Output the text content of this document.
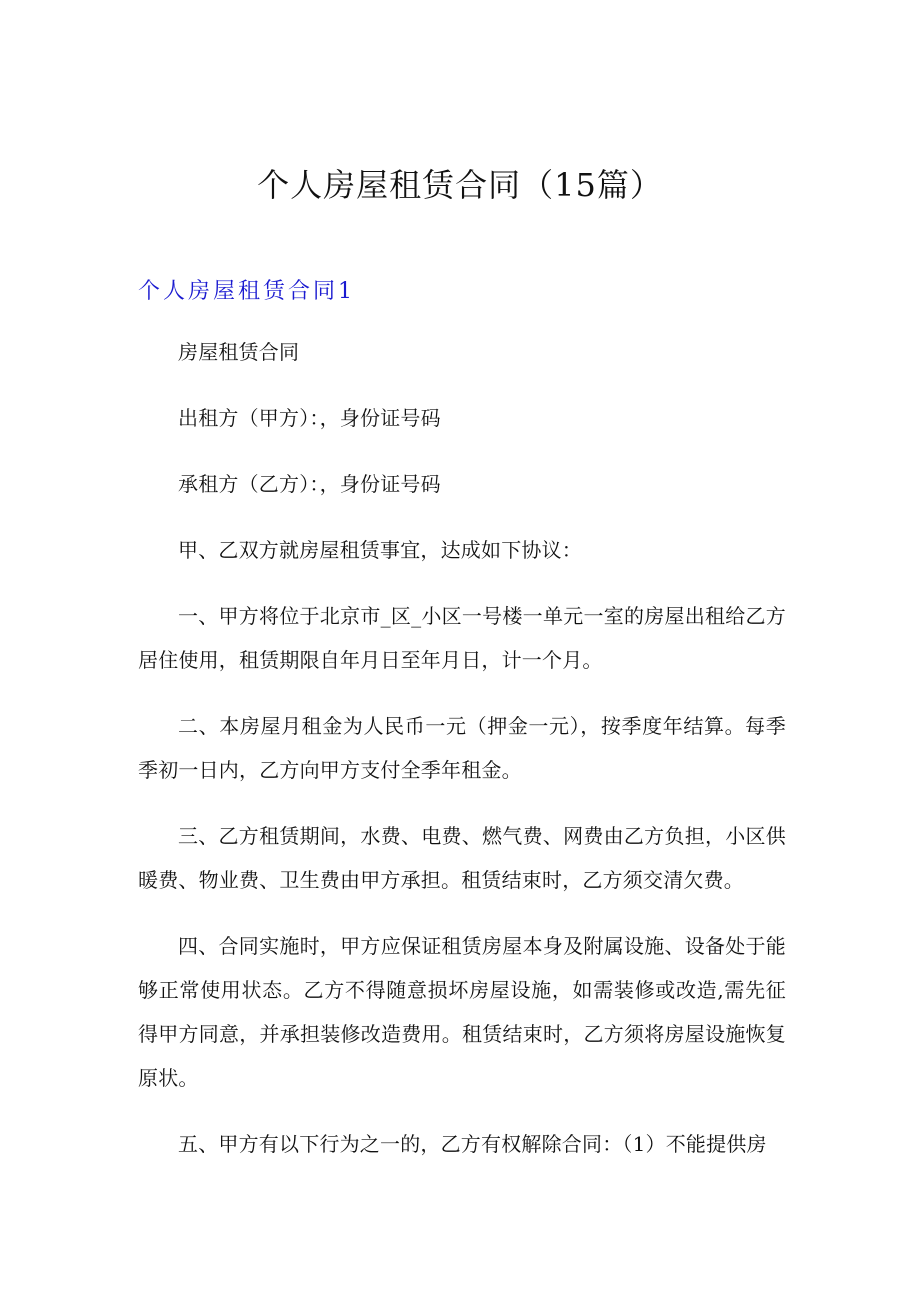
个人房屋租赁合同（15篇）
个人房屋租赁合同1

房屋租赁合同

出租方（甲方）：，身份证号码

承租方（乙方）：，身份证号码

甲、乙双方就房屋租赁事宜，达成如下协议：

一、甲方将位于北京市_区_小区一号楼一单元一室的房屋出租给乙方居住使用，租赁期限自年月日至年月日，计一个月。

二、本房屋月租金为人民币一元（押金一元），按季度年结算。每季季初一日内，乙方向甲方支付全季年租金。

三、乙方租赁期间，水费、电费、燃气费、网费由乙方负担，小区供暖费、物业费、卫生费由甲方承担。租赁结束时，乙方须交清欠费。

四、合同实施时，甲方应保证租赁房屋本身及附属设施、设备处于能够正常使用状态。乙方不得随意损坏房屋设施，如需装修或改造,需先征得甲方同意，并承担装修改造费用。租赁结束时，乙方须将房屋设施恢复原状。

五、甲方有以下行为之一的，乙方有权解除合同：（1）不能提供房
